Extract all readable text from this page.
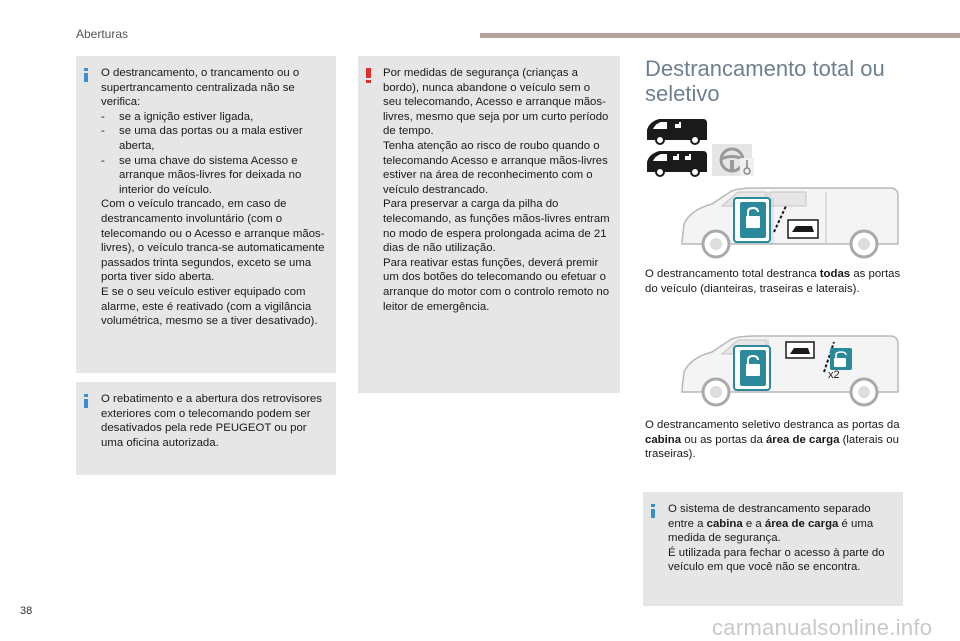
Aberturas

O destrancamento, o trancamento ou o supertrancamento centralizada não se verifica:

-	se a ignição estiver ligada,
-	se uma das portas ou a mala estiver aberta,
-	se uma chave do sistema Acesso e arranque mãos-livres for deixada no interior do veículo.

Com o veículo trancado, em caso de destrancamento involuntário (com o telecomando ou o Acesso e arranque mãos-livres), o veículo tranca-se automaticamente passados trinta segundos, exceto se uma porta tiver sido aberta.

E se o seu veículo estiver equipado com alarme, este é reativado (com a vigilância volumétrica, mesmo se a tiver desativado).

O rebatimento e a abertura dos retrovisores exteriores com o telecomando podem ser desativados pela rede PEUGEOT ou por uma oficina autorizada.

Por medidas de segurança (crianças a bordo), nunca abandone o veículo sem o seu telecomando, Acesso e arranque mãos-livres, mesmo que seja por um curto período de tempo.

Tenha atenção ao risco de roubo quando o telecomando Acesso e arranque mãos-livres estiver na área de reconhecimento com o veículo destrancado.

Para preservar a carga da pilha do telecomando, as funções mãos-livres entram no modo de espera prolongada acima de 21 dias de não utilização.

Para reativar estas funções, deverá premir um dos botões do telecomando ou efetuar o arranque do motor com o controlo remoto no leitor de emergência.

Destrancamento total ou seletivo

O destrancamento total destranca todas as portas do veículo (dianteiras, traseiras e laterais).

x2

O destrancamento seletivo destranca as portas da cabina ou as portas da área de carga (laterais ou traseiras).

O sistema de destrancamento separado entre a cabina e a área de carga é uma medida de segurança.

É utilizada para fechar o acesso à parte do veículo em que você não se encontra.

38
carmanualsonline.info
